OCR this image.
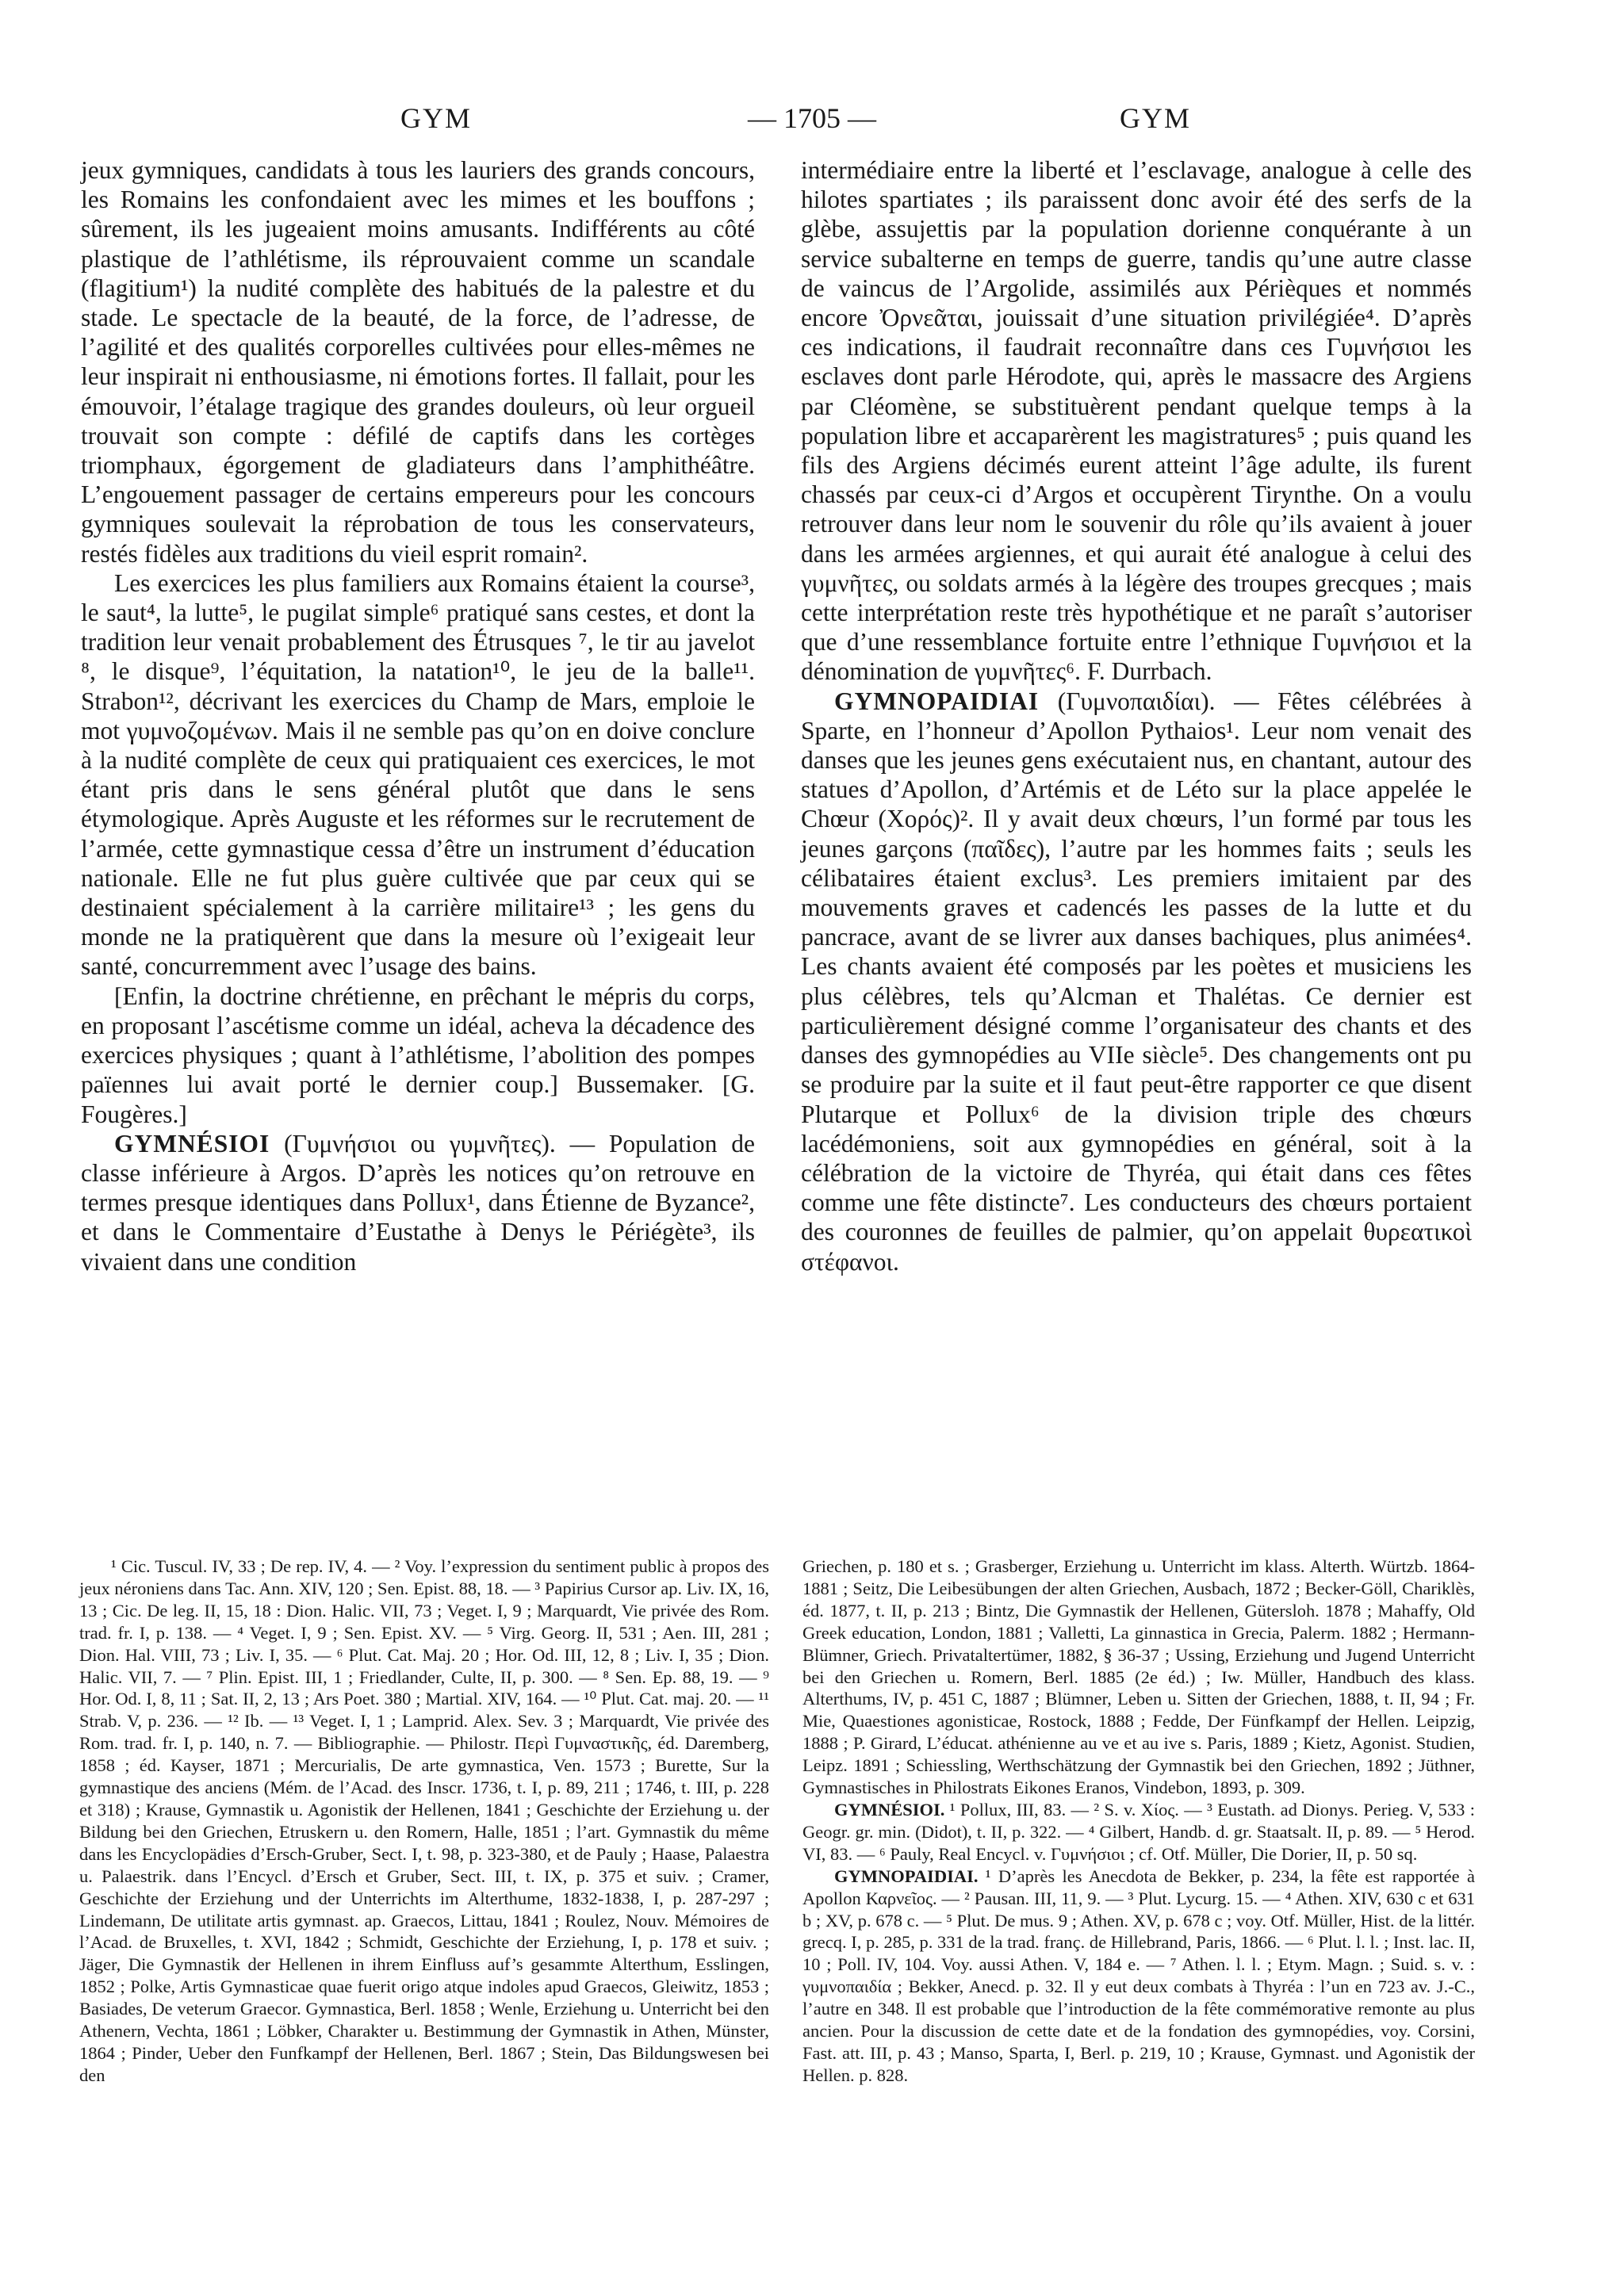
GYM	— 1705 —	GYM

jeux gymniques, candidats à tous les lauriers des grands concours, les Romains les confondaient avec les mimes et les bouffons ; sûrement, ils les jugeaient moins amusants. Indifférents au côté plastique de l’athlétisme, ils réprouvaient comme un scandale (flagitium¹) la nudité complète des habitués de la palestre et du stade. Le spectacle de la beauté, de la force, de l’adresse, de l’agilité et des qualités corporelles cultivées pour elles-mêmes ne leur inspirait ni enthousiasme, ni émotions fortes. Il fallait, pour les émouvoir, l’étalage tragique des grandes douleurs, où leur orgueil trouvait son compte : défilé de captifs dans les cortèges triomphaux, égorgement de gladiateurs dans l’amphithéâtre. L’engouement passager de certains empereurs pour les concours gymniques soulevait la réprobation de tous les conservateurs, restés fidèles aux traditions du vieil esprit romain².

Les exercices les plus familiers aux Romains étaient la course³, le saut⁴, la lutte⁵, le pugilat simple⁶ pratiqué sans cestes, et dont la tradition leur venait probablement des Étrusques ⁷, le tir au javelot ⁸, le disque⁹, l’équitation, la natation¹⁰, le jeu de la balle¹¹. Strabon¹², décrivant les exercices du Champ de Mars, emploie le mot γυμνοζομένων. Mais il ne semble pas qu’on en doive conclure à la nudité complète de ceux qui pratiquaient ces exercices, le mot étant pris dans le sens général plutôt que dans le sens étymologique. Après Auguste et les réformes sur le recrutement de l’armée, cette gymnastique cessa d’être un instrument d’éducation nationale. Elle ne fut plus guère cultivée que par ceux qui se destinaient spécialement à la carrière militaire¹³ ; les gens du monde ne la pratiquèrent que dans la mesure où l’exigeait leur santé, concurremment avec l’usage des bains.

[Enfin, la doctrine chrétienne, en prêchant le mépris du corps, en proposant l’ascétisme comme un idéal, acheva la décadence des exercices physiques ; quant à l’athlétisme, l’abolition des pompes païennes lui avait porté le dernier coup.] Bussemaker. [G. Fougères.]

GYMNÉSIOI (Γυμνήσιοι ou γυμνῆτες). — Population de classe inférieure à Argos. D’après les notices qu’on retrouve en termes presque identiques dans Pollux¹, dans Étienne de Byzance², et dans le Commentaire d’Eustathe à Denys le Périégète³, ils vivaient dans une condition

intermédiaire entre la liberté et l’esclavage, analogue à celle des hilotes spartiates ; ils paraissent donc avoir été des serfs de la glèbe, assujettis par la population dorienne conquérante à un service subalterne en temps de guerre, tandis qu’une autre classe de vaincus de l’Argolide, assimilés aux Périèques et nommés encore Ὀρνεᾶται, jouissait d’une situation privilégiée⁴. D’après ces indications, il faudrait reconnaître dans ces Γυμνήσιοι les esclaves dont parle Hérodote, qui, après le massacre des Argiens par Cléomène, se substituèrent pendant quelque temps à la population libre et accaparèrent les magistratures⁵ ; puis quand les fils des Argiens décimés eurent atteint l’âge adulte, ils furent chassés par ceux-ci d’Argos et occupèrent Tirynthe. On a voulu retrouver dans leur nom le souvenir du rôle qu’ils avaient à jouer dans les armées argiennes, et qui aurait été analogue à celui des γυμνῆτες, ou soldats armés à la légère des troupes grecques ; mais cette interprétation reste très hypothétique et ne paraît s’autoriser que d’une ressemblance fortuite entre l’ethnique Γυμνήσιοι et la dénomination de γυμνῆτες⁶. F. Durrbach.

GYMNOPAIDIAI (Γυμνοπαιδίαι). — Fêtes célébrées à Sparte, en l’honneur d’Apollon Pythaios¹. Leur nom venait des danses que les jeunes gens exécutaient nus, en chantant, autour des statues d’Apollon, d’Artémis et de Léto sur la place appelée le Chœur (Χορός)². Il y avait deux chœurs, l’un formé par tous les jeunes garçons (παῖδες), l’autre par les hommes faits ; seuls les célibataires étaient exclus³. Les premiers imitaient par des mouvements graves et cadencés les passes de la lutte et du pancrace, avant de se livrer aux danses bachiques, plus animées⁴. Les chants avaient été composés par les poètes et musiciens les plus célèbres, tels qu’Alcman et Thalétas. Ce dernier est particulièrement désigné comme l’organisateur des chants et des danses des gymnopédies au VIIe siècle⁵. Des changements ont pu se produire par la suite et il faut peut-être rapporter ce que disent Plutarque et Pollux⁶ de la division triple des chœurs lacédémoniens, soit aux gymnopédies en général, soit à la célébration de la victoire de Thyréa, qui était dans ces fêtes comme une fête distincte⁷. Les conducteurs des chœurs portaient des couronnes de feuilles de palmier, qu’on appelait θυρεατικοὶ στέφανοι.

¹ Cic. Tuscul. IV, 33 ; De rep. IV, 4. — ² Voy. l’expression du sentiment public à propos des jeux néroniens dans Tac. Ann. XIV, 120 ; Sen. Epist. 88, 18. — ³ Papirius Cursor ap. Liv. IX, 16, 13 ; Cic. De leg. II, 15, 18 : Dion. Halic. VII, 73 ; Veget. I, 9 ; Marquardt, Vie privée des Rom. trad. fr. I, p. 138. — ⁴ Veget. I, 9 ; Sen. Epist. XV. — ⁵ Virg. Georg. II, 531 ; Aen. III, 281 ; Dion. Hal. VIII, 73 ; Liv. I, 35. — ⁶ Plut. Cat. Maj. 20 ; Hor. Od. III, 12, 8 ; Liv. I, 35 ; Dion. Halic. VII, 7. — ⁷ Plin. Epist. III, 1 ; Friedlander, Culte, II, p. 300. — ⁸ Sen. Ep. 88, 19. — ⁹ Hor. Od. I, 8, 11 ; Sat. II, 2, 13 ; Ars Poet. 380 ; Martial. XIV, 164. — ¹⁰ Plut. Cat. maj. 20. — ¹¹ Strab. V, p. 236. — ¹² Ib. — ¹³ Veget. I, 1 ; Lamprid. Alex. Sev. 3 ; Marquardt, Vie privée des Rom. trad. fr. I, p. 140, n. 7. — Bibliographie. — Philostr. Περὶ Γυμναστικῆς, éd. Daremberg, 1858 ; éd. Kayser, 1871 ; Mercurialis, De arte gymnastica, Ven. 1573 ; Burette, Sur la gymnastique des anciens (Mém. de l’Acad. des Inscr. 1736, t. I, p. 89, 211 ; 1746, t. III, p. 228 et 318) ; Krause, Gymnastik u. Agonistik der Hellenen, 1841 ; Geschichte der Erziehung u. der Bildung bei den Griechen, Etruskern u. den Romern, Halle, 1851 ; l’art. Gymnastik du même dans les Encyclopädies d’Ersch-Gruber, Sect. I, t. 98, p. 323-380, et de Pauly ; Haase, Palaestra u. Palaestrik. dans l’Encycl. d’Ersch et Gruber, Sect. III, t. IX, p. 375 et suiv. ; Cramer, Geschichte der Erziehung und der Unterrichts im Alterthume, 1832-1838, I, p. 287-297 ; Lindemann, De utilitate artis gymnast. ap. Graecos, Littau, 1841 ; Roulez, Nouv. Mémoires de l’Acad. de Bruxelles, t. XVI, 1842 ; Schmidt, Geschichte der Erziehung, I, p. 178 et suiv. ; Jäger, Die Gymnastik der Hellenen in ihrem Einfluss auf’s gesammte Alterthum, Esslingen, 1852 ; Polke, Artis Gymnasticae quae fuerit origo atque indoles apud Graecos, Gleiwitz, 1853 ; Basiades, De veterum Graecor. Gymnastica, Berl. 1858 ; Wenle, Erziehung u. Unterricht bei den Athenern, Vechta, 1861 ; Löbker, Charakter u. Bestimmung der Gymnastik in Athen, Münster, 1864 ; Pinder, Ueber den Funfkampf der Hellenen, Berl. 1867 ; Stein, Das Bildungswesen bei den

Griechen, p. 180 et s. ; Grasberger, Erziehung u. Unterricht im klass. Alterth. Würtzb. 1864-1881 ; Seitz, Die Leibesübungen der alten Griechen, Ausbach, 1872 ; Becker-Göll, Chariklès, éd. 1877, t. II, p. 213 ; Bintz, Die Gymnastik der Hellenen, Gütersloh. 1878 ; Mahaffy, Old Greek education, London, 1881 ; Valletti, La ginnastica in Grecia, Palerm. 1882 ; Hermann-Blümner, Griech. Privataltertümer, 1882, § 36-37 ; Ussing, Erziehung und Jugend Unterricht bei den Griechen u. Romern, Berl. 1885 (2e éd.) ; Iw. Müller, Handbuch des klass. Alterthums, IV, p. 451 C, 1887 ; Blümner, Leben u. Sitten der Griechen, 1888, t. II, 94 ; Fr. Mie, Quaestiones agonisticae, Rostock, 1888 ; Fedde, Der Fünfkampf der Hellen. Leipzig, 1888 ; P. Girard, L’éducat. athénienne au ve et au ive s. Paris, 1889 ; Kietz, Agonist. Studien, Leipz. 1891 ; Schiessling, Werthschätzung der Gymnastik bei den Griechen, 1892 ; Jüthner, Gymnastisches in Philostrats Eikones Eranos, Vindebon, 1893, p. 309.

GYMNÉSIOI. ¹ Pollux, III, 83. — ² S. v. Χίος. — ³ Eustath. ad Dionys. Perieg. V, 533 : Geogr. gr. min. (Didot), t. II, p. 322. — ⁴ Gilbert, Handb. d. gr. Staatsalt. II, p. 89. — ⁵ Herod. VI, 83. — ⁶ Pauly, Real Encycl. v. Γυμνήσιοι ; cf. Otf. Müller, Die Dorier, II, p. 50 sq.

GYMNOPAIDIAI. ¹ D’après les Anecdota de Bekker, p. 234, la fête est rapportée à Apollon Καρνεῖος. — ² Pausan. III, 11, 9. — ³ Plut. Lycurg. 15. — ⁴ Athen. XIV, 630 c et 631 b ; XV, p. 678 c. — ⁵ Plut. De mus. 9 ; Athen. XV, p. 678 c ; voy. Otf. Müller, Hist. de la littér. grecq. I, p. 285, p. 331 de la trad. franç. de Hillebrand, Paris, 1866. — ⁶ Plut. l. l. ; Inst. lac. II, 10 ; Poll. IV, 104. Voy. aussi Athen. V, 184 e. — ⁷ Athen. l. l. ; Etym. Magn. ; Suid. s. v. : γυμνοπαιδία ; Bekker, Anecd. p. 32. Il y eut deux combats à Thyréa : l’un en 723 av. J.-C., l’autre en 348. Il est probable que l’introduction de la fête commémorative remonte au plus ancien. Pour la discussion de cette date et de la fondation des gymnopédies, voy. Corsini, Fast. att. III, p. 43 ; Manso, Sparta, I, Berl. p. 219, 10 ; Krause, Gymnast. und Agonistik der Hellen. p. 828.
